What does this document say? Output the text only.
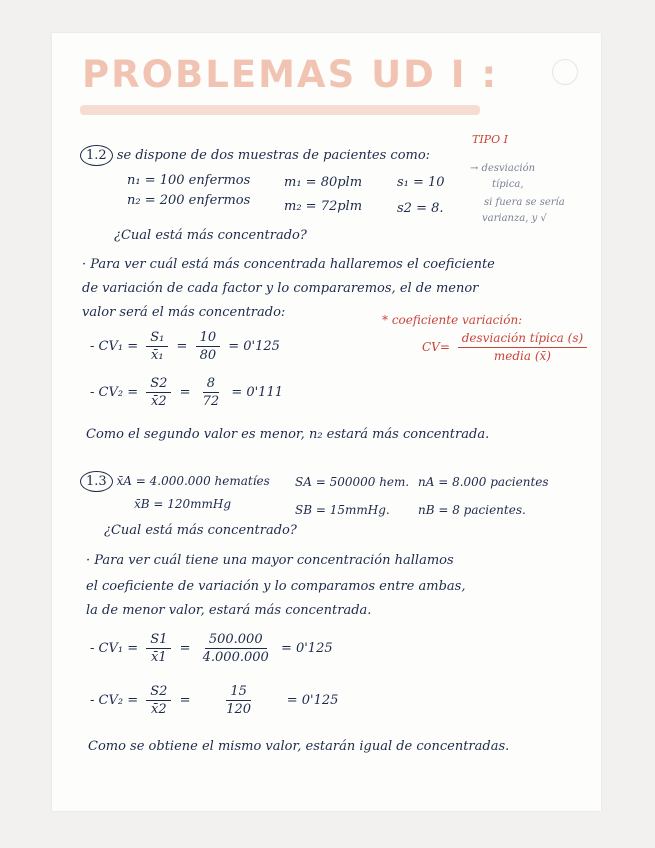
PROBLEMAS UD I :
TIPO I
1.2 se dispone de dos muestras de pacientes como:
n₁ = 100 enfermos
n₂ = 200 enfermos
m₁ = 80plm
m₂ = 72plm
s₁ = 10
s2 = 8.
→ desviación
típica,
si fuera se sería
varianza, y √
¿Cual está más concentrado?
· Para ver cuál está más concentrada hallaremos el coeficiente
de variación de cada factor y lo compararemos, el de menor
valor será el más concentrado:	* coeficiente variación:
$CV= \frac{\text{desviación típica (s)}}{\text{media (x̄)}}$
- $CV_1 = \frac{\text{S₁}}{\text{x̄₁}} = \frac{10}{80} = 0'125$
- $CV_2 = \frac{S2}{x̄2} = \frac{8}{72} = 0'111$
Como el segundo valor es menor, n₂ estará más concentrada.
1.3 x̄A = 4.000.000 hematíes
x̄B = 120mmHg
SA = 500000 hem.
SB = 15mmHg.
nA = 8.000 pacientes
nB = 8 pacientes.
¿Cual está más concentrado?
· Para ver cuál tiene una mayor concentración hallamos
el coeficiente de variación y lo comparamos entre ambas,
la de menor valor, estará más concentrada.
- $CV_1 = \frac{S1}{x̄1} = \frac{500.000}{4.000.000} = 0'125$
- $CV_2 = \frac{S2}{x̄2} = \frac{15}{120} = 0'125$
Como se obtiene el mismo valor, estarán igual de concentradas.
